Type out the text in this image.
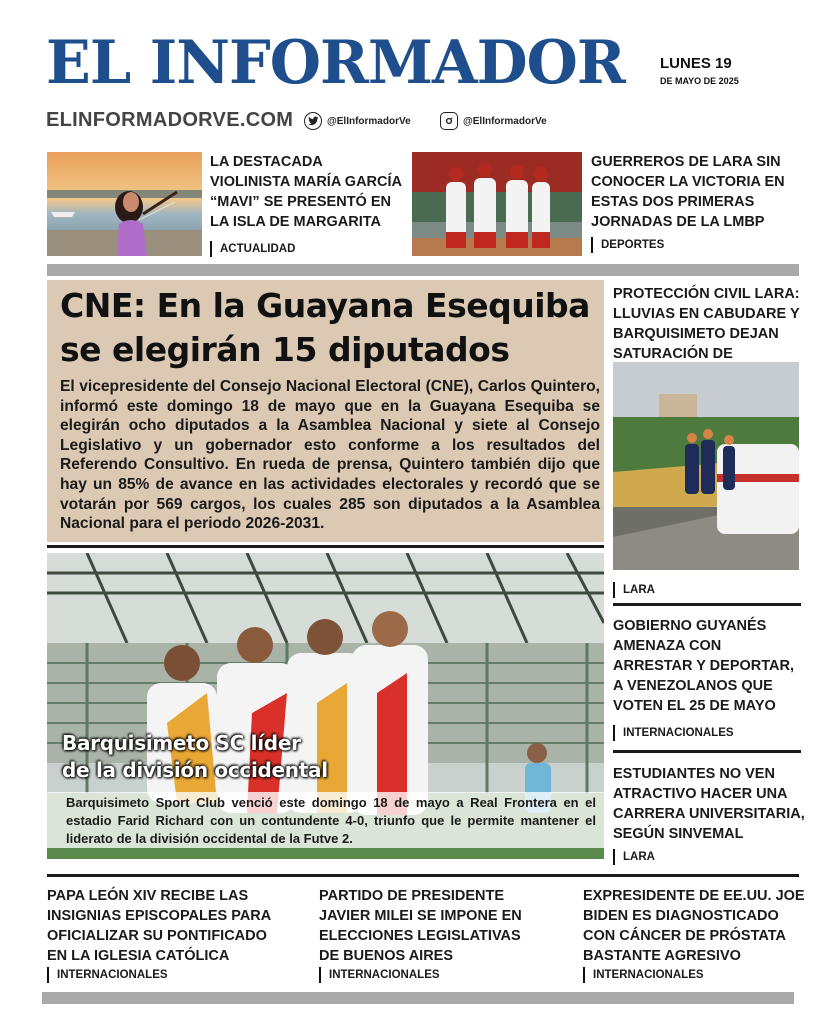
EL INFORMADOR LUNES 19
DE MAYO DE 2025
ELINFORMADORVE.COM	@ElInformadorVe	@ElInformadorVe
LA DESTACADA VIOLINISTA MARÍA GARCÍA “MAVI” SE PRESENTÓ EN LA ISLA DE MARGARITA
ACTUALIDAD
GUERREROS DE LARA SIN CONOCER LA VICTORIA EN ESTAS DOS PRIMERAS JORNADAS DE LA LMBP
DEPORTES
CNE: En la Guayana Esequiba se elegirán 15 diputados
El vicepresidente del Consejo Nacional Electoral (CNE), Carlos Quintero, informó este domingo 18 de mayo que en la Guayana Esequiba se elegirán ocho diputados a la Asamblea Nacional y siete al Consejo Legislativo y un gobernador esto conforme a los resultados del Referendo Consultivo. En rueda de prensa, Quintero también dijo que hay un 85% de avance en las actividades electorales y recordó que se votarán por 569 cargos, los cuales 285 son diputados a la Asamblea Nacional para el periodo 2026-2031.
Barquisimeto SC líder
de la división occidental
Barquisimeto Sport Club venció este domingo 18 de mayo a Real Frontera en el estadio Farid Richard con un contundente 4-0, triunfo que le permite mantener el liderato de la división occidental de la Futve 2.
PROTECCIÓN CIVIL LARA: LLUVIAS EN CABUDARE Y BARQUISIMETO DEJAN SATURACIÓN DE
LARA
GOBIERNO GUYANÉS AMENAZA CON ARRESTAR Y DEPORTAR, A VENEZOLANOS QUE VOTEN EL 25 DE MAYO
INTERNACIONALES
ESTUDIANTES NO VEN ATRACTIVO HACER UNA CARRERA UNIVERSITARIA, SEGÚN SINVEMAL
LARA
PAPA LEÓN XIV RECIBE LAS INSIGNIAS EPISCOPALES PARA OFICIALIZAR SU PONTIFICADO EN LA IGLESIA CATÓLICA
INTERNACIONALES
PARTIDO DE PRESIDENTE JAVIER MILEI SE IMPONE EN ELECCIONES LEGISLATIVAS DE BUENOS AIRES
INTERNACIONALES
EXPRESIDENTE DE EE.UU. JOE BIDEN ES DIAGNOSTICADO CON CÁNCER DE PRÓSTATA BASTANTE AGRESIVO
INTERNACIONALES
